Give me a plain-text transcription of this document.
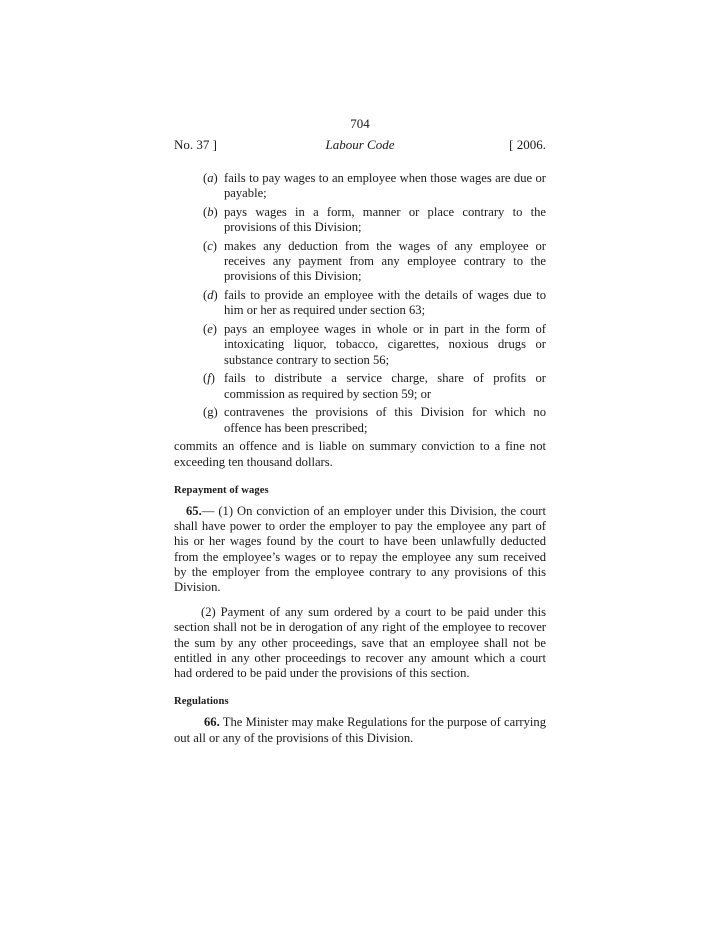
704
No. 37 ]	Labour Code	[ 2006.
(a) fails to pay wages to an employee when those wages are due or payable;
(b) pays wages in a form, manner or place contrary to the provisions of this Division;
(c) makes any deduction from the wages of any employee or receives any payment from any employee contrary to the provisions of this Division;
(d) fails to provide an employee with the details of wages due to him or her as required under section 63;
(e) pays an employee wages in whole or in part in the form of intoxicating liquor, tobacco, cigarettes, noxious drugs or substance contrary to section 56;
(f) fails to distribute a service charge, share of profits or commission as required by section 59; or
(g) contravenes the provisions of this Division for which no offence has been prescribed;

commits an offence and is liable on summary conviction to a fine not exceeding ten thousand dollars.

Repayment of wages

65.— (1) On conviction of an employer under this Division, the court shall have power to order the employer to pay the employee any part of his or her wages found by the court to have been unlawfully deducted from the employee’s wages or to repay the employee any sum received by the employer from the employee contrary to any provisions of this Division.

(2) Payment of any sum ordered by a court to be paid under this section shall not be in derogation of any right of the employee to recover the sum by any other proceedings, save that an employee shall not be entitled in any other proceedings to recover any amount which a court had ordered to be paid under the provisions of this section.

Regulations

66. The Minister may make Regulations for the purpose of carrying out all or any of the provisions of this Division.
